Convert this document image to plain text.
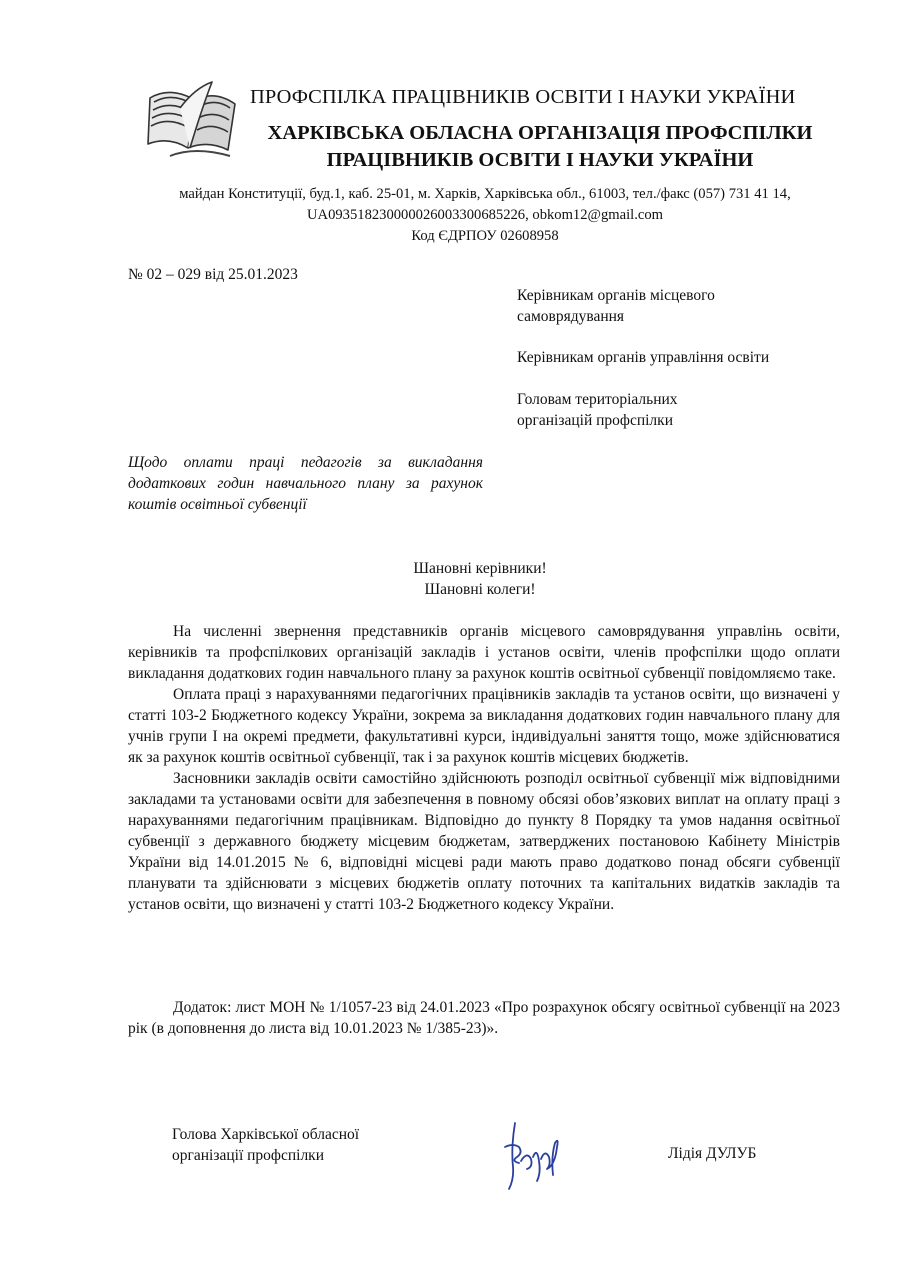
ПРОФСПІЛКА ПРАЦІВНИКІВ ОСВІТИ І НАУКИ УКРАЇНИ
ХАРКІВСЬКА ОБЛАСНА ОРГАНІЗАЦІЯ ПРОФСПІЛКИ
ПРАЦІВНИКІВ ОСВІТИ І НАУКИ УКРАЇНИ
майдан Конституції, буд.1, каб. 25-01, м. Харків, Харківська обл., 61003, тел./факс (057) 731 41 14,
UA093518230000026003300685226, obkom12@gmail.com
Код ЄДРПОУ 02608958
№ 02 – 029 від 25.01.2023
Керівникам органів місцевого
самоврядування
Керівникам органів управління освіти
Головам територіальних
організацій профспілки
Щодо оплати праці педагогів за викладання додаткових годин навчального плану за рахунок коштів освітньої субвенції
Шановні керівники!
Шановні колеги!

На численні звернення представників органів місцевого самоврядування управлінь освіти, керівників та профспілкових організацій закладів і установ освіти, членів профспілки щодо оплати викладання додаткових годин навчального плану за рахунок коштів освітньої субвенції повідомляємо таке.

Оплата праці з нарахуваннями педагогічних працівників закладів та установ освіти, що визначені у статті 103-2 Бюджетного кодексу України, зокрема за викладання додаткових годин навчального плану для учнів групи І на окремі предмети, факультативні курси, індивідуальні заняття тощо, може здійснюватися як за рахунок коштів освітньої субвенції, так і за рахунок коштів місцевих бюджетів.

Засновники закладів освіти самостійно здійснюють розподіл освітньої субвенції між відповідними закладами та установами освіти для забезпечення в повному обсязі обов’язкових виплат на оплату праці з нарахуваннями педагогічним працівникам. Відповідно до пункту 8 Порядку та умов надання освітньої субвенції з державного бюджету місцевим бюджетам, затверджених постановою Кабінету Міністрів України від 14.01.2015 № 6, відповідні місцеві ради мають право додатково понад обсяги субвенції планувати та здійснювати з місцевих бюджетів оплату поточних та капітальних видатків закладів та установ освіти, що визначені у статті 103-2 Бюджетного кодексу України.

Додаток: лист МОН № 1/1057-23 від 24.01.2023 «Про розрахунок обсягу освітньої субвенції на 2023 рік (в доповнення до листа від 10.01.2023 № 1/385-23)».
Голова Харківської обласної
організації профспілки	Лідія ДУЛУБ
